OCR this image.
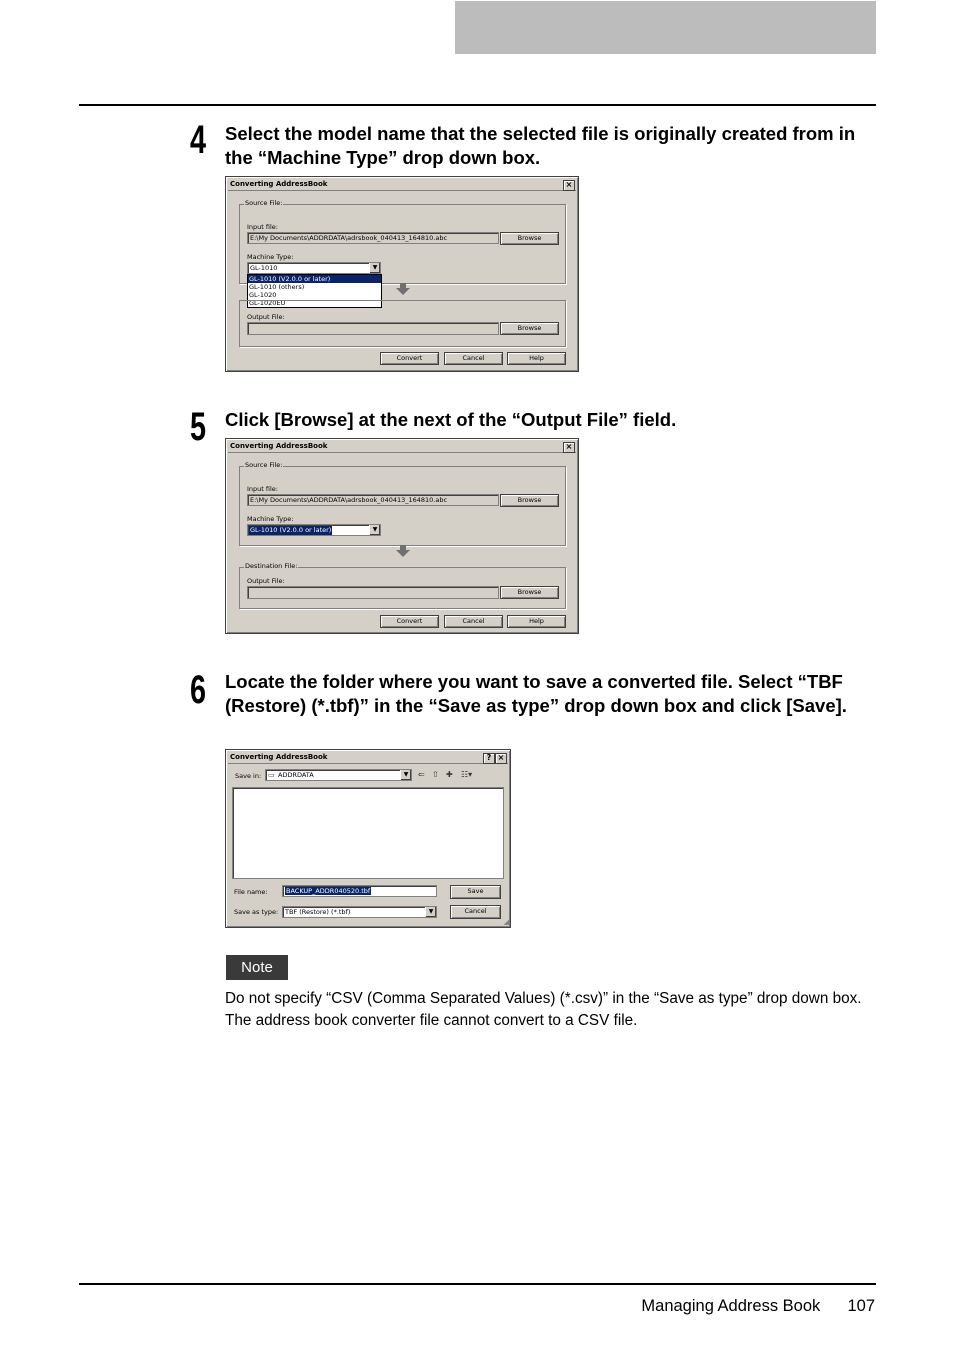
4 Select the model name that the selected file is originally created from in the “Machine Type” drop down box.
Converting AddressBook	×
Source File:
Input file:
E:\My Documents\ADDRDATA\adrsbook_040413_164810.abc	Browse
Machine Type:
GL-1010	▼
GL-1010 (V2.0.0 or later)
GL-1010 (others)
GL-1020
GL-1020EU
Output File:
Browse
Convert	Cancel	Help
5 Click [Browse] at the next of the “Output File” field.
Converting AddressBook	×
Source File:
Input file:
E:\My Documents\ADDRDATA\adrsbook_040413_164810.abc	Browse
Machine Type:
GL-1010 (V2.0.0 or later)	▼
Destination File:
Output File:
Browse
Convert	Cancel	Help
6 Locate the folder where you want to save a converted file. Select “TBF (Restore) (*.tbf)” in the “Save as type” drop down box and click [Save].
Converting AddressBook	? ×
Save in:	ADDRDATA
▭	▼	⇐ ⇧ ✚ ☷▾
File name:	BACKUP_ADDR040520.tbf
Save as type: TBF (Restore) (*.tbf)	▼
Save
Cancel
◢
Note
Do not specify “CSV (Comma Separated Values) (*.csv)” in the “Save as type” drop down box. The address book converter file cannot convert to a CSV file.
Managing Address Book 107
